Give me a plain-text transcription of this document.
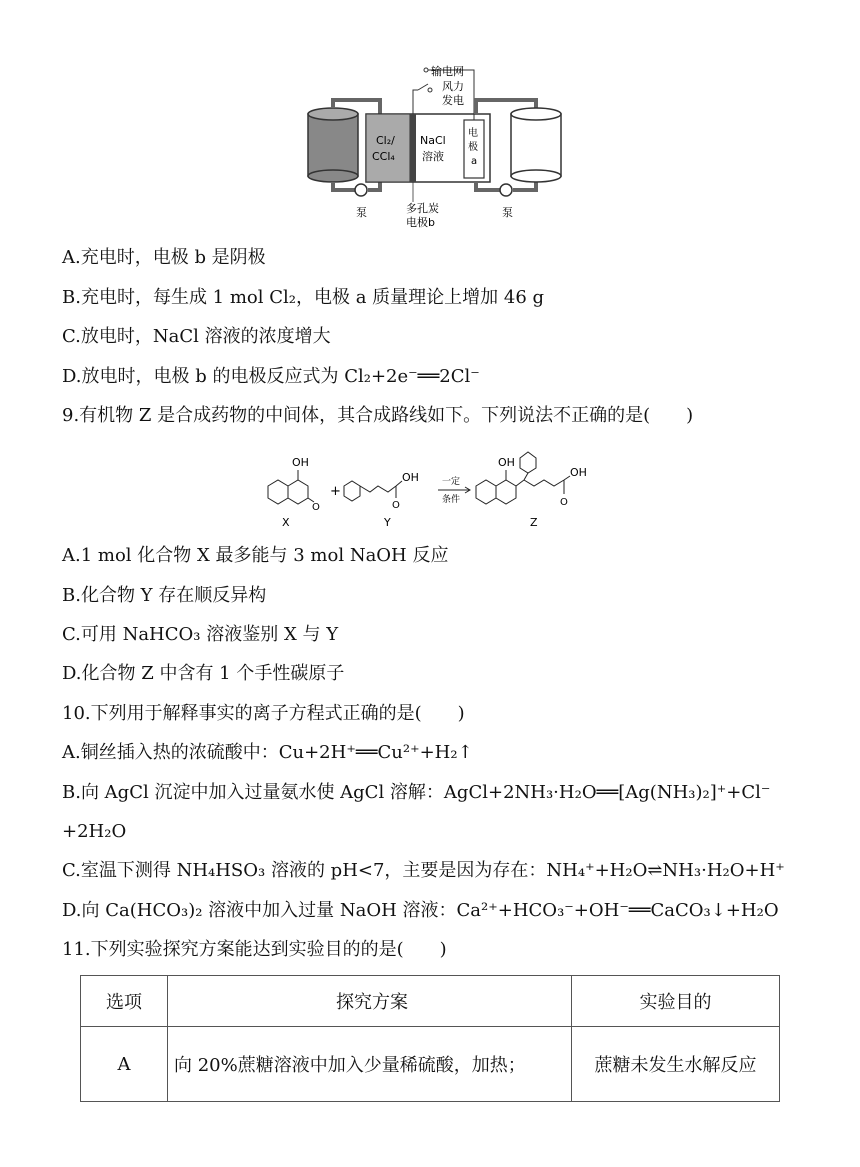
泵
Cl₂/
CCl₄
NaCl
溶液
电
极
a
输电网
风力
发电
多孔炭
电极b
泵
A.充电时，电极 b 是阴极
B.充电时，每生成 1 mol Cl₂，电极 a 质量理论上增加 46 g
C.放电时，NaCl 溶液的浓度增大
D.放电时，电极 b 的电极反应式为 Cl₂+2e⁻══2Cl⁻
9.有机物 Z 是合成药物的中间体，其合成路线如下。下列说法不正确的是(　　)
OH
O
X
+
OH
O
Y
一定
条件
OH
OH
O
Z
A.1 mol 化合物 X 最多能与 3 mol NaOH 反应
B.化合物 Y 存在顺反异构
C.可用 NaHCO₃ 溶液鉴别 X 与 Y
D.化合物 Z 中含有 1 个手性碳原子
10.下列用于解释事实的离子方程式正确的是(　　)
A.铜丝插入热的浓硫酸中：Cu+2H⁺══Cu²⁺+H₂↑
B.向 AgCl 沉淀中加入过量氨水使 AgCl 溶解：AgCl+2NH₃·H₂O══[Ag(NH₃)₂]⁺+Cl⁻
+2H₂O
C.室温下测得 NH₄HSO₃ 溶液的 pH<7，主要是因为存在：NH₄⁺+H₂O⇌NH₃·H₂O+H⁺
D.向 Ca(HCO₃)₂ 溶液中加入过量 NaOH 溶液：Ca²⁺+HCO₃⁻+OH⁻══CaCO₃↓+H₂O
11.下列实验探究方案能达到实验目的的是(　　)
选项	探究方案	实验目的
A	向 20%蔗糖溶液中加入少量稀硫酸，加热；	蔗糖未发生水解反应
